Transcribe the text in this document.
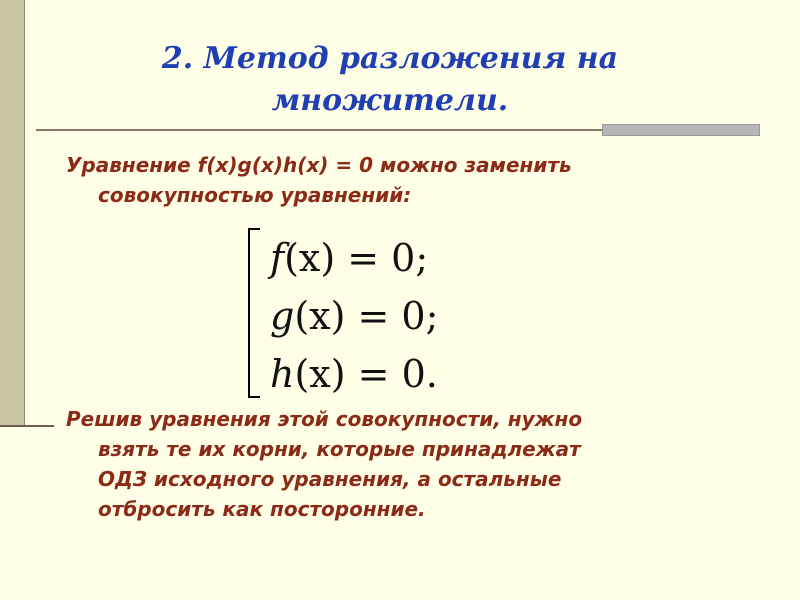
2. Метод разложения на
множители.

Уравнение f(x)g(x)h(x) = 0 можно заменить
совокупностью уравнений:

f(x) = 0;
g(x) = 0;
h(x) = 0.

Решив уравнения этой совокупности, нужно
взять те их корни, которые принадлежат
ОДЗ исходного уравнения, а остальные
отбросить как посторонние.
